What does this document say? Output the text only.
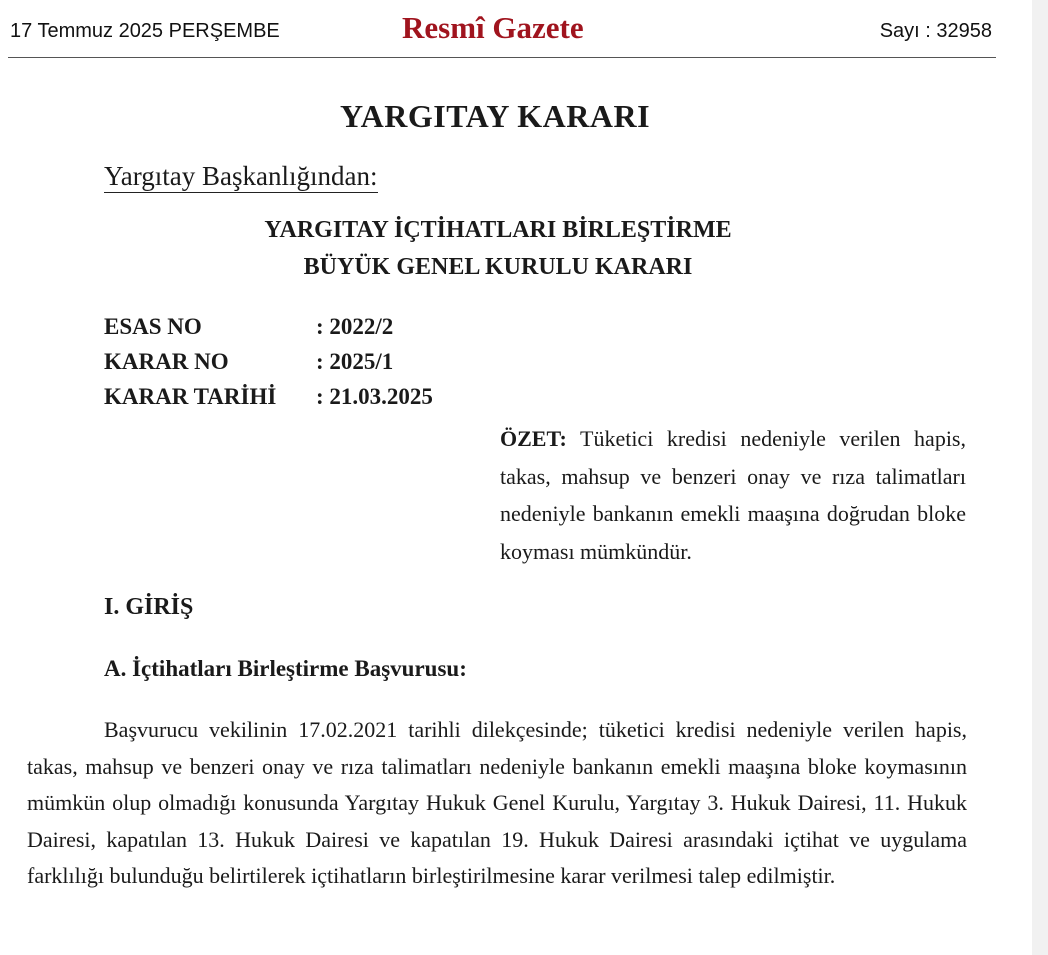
17 Temmuz 2025 PERŞEMBE	Resmî Gazete	Sayı : 32958
YARGITAY KARARI
Yargıtay Başkanlığından:
YARGITAY İÇTİHATLARI BİRLEŞTİRME
BÜYÜK GENEL KURULU KARARI
ESAS NO	: 2022/2
KARAR NO	: 2025/1
KARAR TARİHİ : 21.03.2025
ÖZET: Tüketici kredisi nedeniyle verilen hapis, takas, mahsup ve benzeri onay ve rıza talimatları nedeniyle bankanın emekli maaşına doğrudan bloke koyması mümkündür.
I. GİRİŞ
A. İçtihatları Birleştirme Başvurusu:
Başvurucu vekilinin 17.02.2021 tarihli dilekçesinde; tüketici kredisi nedeniyle verilen hapis, takas, mahsup ve benzeri onay ve rıza talimatları nedeniyle bankanın emekli maaşına bloke koymasının mümkün olup olmadığı konusunda Yargıtay Hukuk Genel Kurulu, Yargıtay 3. Hukuk Dairesi, 11. Hukuk Dairesi, kapatılan 13. Hukuk Dairesi ve kapatılan 19. Hukuk Dairesi arasındaki içtihat ve uygulama farklılığı bulunduğu belirtilerek içtihatların birleştirilmesine karar verilmesi talep edilmiştir.
